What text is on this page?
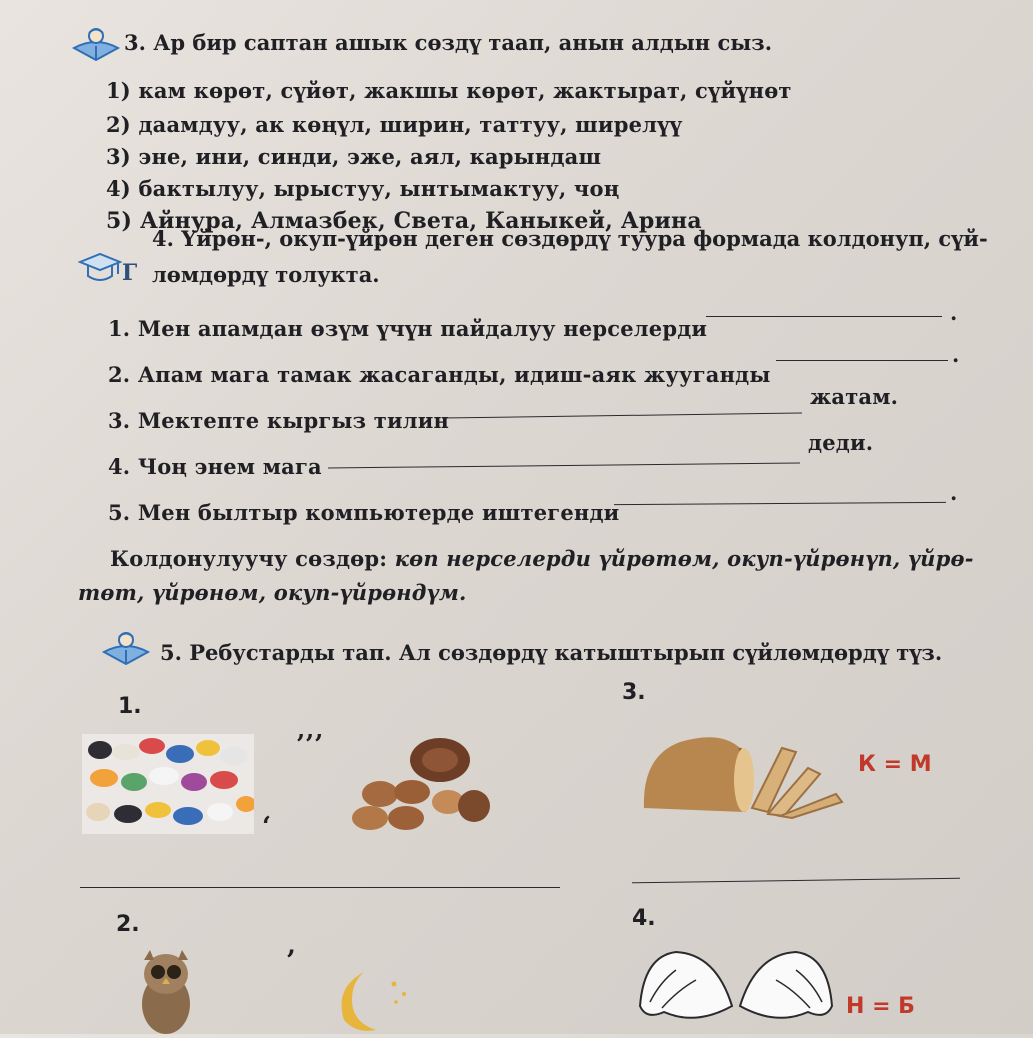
3. Ар бир саптан ашык сөздү таап, анын алдын сыз.
1) кам көрөт, сүйөт, жакшы көрөт, жактырат, сүйүнөт
2) даамдуу, ак көңүл, ширин, таттуу, ширелүү
3) эне, ини, синди, эже, аял, карындаш
4) бактылуу, ырыстуу, ынтымактуу, чоң
5) Айнура, Алмазбек, Света, Каныкей, Арина
Г
4. Үйрөн-, окуп-үйрөн деген сөздөрдү туура формада колдонуп, сүй-
лөмдөрдү толукта.
1. Мен апамдан өзүм үчүн пайдалуу нерселерди
.
2. Апам мага тамак жасаганды, идиш-аяк жууганды
.
3. Мектепте кыргыз тилин
жатам.
4. Чоң энем мага
деди.
5. Мен былтыр компьютерде иштегенди
.
Колдонулуучу сөздөр: көп нерселерди үйрөтөм, окуп-үйрөнүп, үйрө-
төт, үйрөнөм, окуп-үйрөндүм.
5. Ребустарды тап. Ал сөздөрдү катыштырып сүйлөмдөрдү түз.
1.
’’’
‘
3.
К = М
2.
’
4.
Н = Б
